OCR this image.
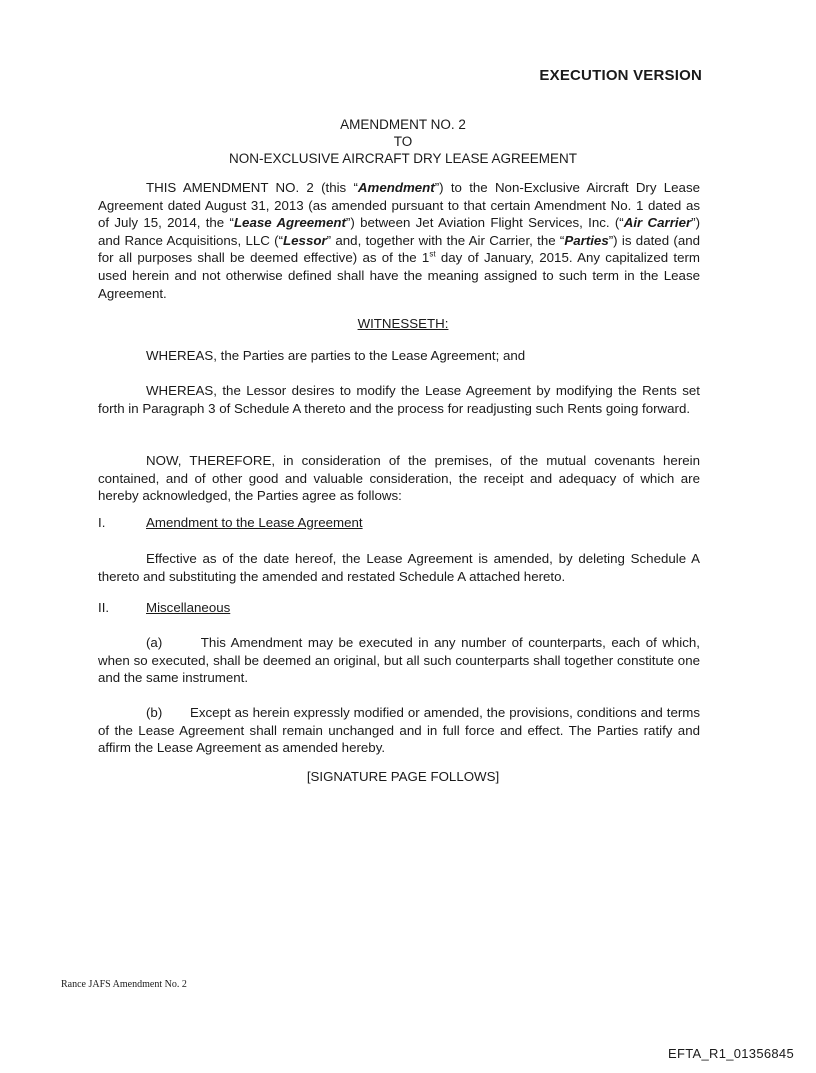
EXECUTION VERSION
AMENDMENT NO. 2
TO
NON-EXCLUSIVE AIRCRAFT DRY LEASE AGREEMENT
THIS AMENDMENT NO. 2 (this “Amendment”) to the Non-Exclusive Aircraft Dry Lease Agreement dated August 31, 2013 (as amended pursuant to that certain Amendment No. 1 dated as of July 15, 2014, the “Lease Agreement”) between Jet Aviation Flight Services, Inc. (“Air Carrier”) and Rance Acquisitions, LLC (“Lessor” and, together with the Air Carrier, the “Parties”) is dated (and for all purposes shall be deemed effective) as of the 1st day of January, 2015. Any capitalized term used herein and not otherwise defined shall have the meaning assigned to such term in the Lease Agreement.
WITNESSETH:
WHEREAS, the Parties are parties to the Lease Agreement; and
WHEREAS, the Lessor desires to modify the Lease Agreement by modifying the Rents set forth in Paragraph 3 of Schedule A thereto and the process for readjusting such Rents going forward.
NOW, THEREFORE, in consideration of the premises, of the mutual covenants herein contained, and of other good and valuable consideration, the receipt and adequacy of which are hereby acknowledged, the Parties agree as follows:
I.	Amendment to the Lease Agreement
Effective as of the date hereof, the Lease Agreement is amended, by deleting Schedule A thereto and substituting the amended and restated Schedule A attached hereto.
II.	Miscellaneous
(a)	This Amendment may be executed in any number of counterparts, each of which, when so executed, shall be deemed an original, but all such counterparts shall together constitute one and the same instrument.
(b) Except as herein expressly modified or amended, the provisions, conditions and terms of the Lease Agreement shall remain unchanged and in full force and effect. The Parties ratify and affirm the Lease Agreement as amended hereby.
[SIGNATURE PAGE FOLLOWS]
Rance JAFS Amendment No. 2
EFTA_R1_01356845
